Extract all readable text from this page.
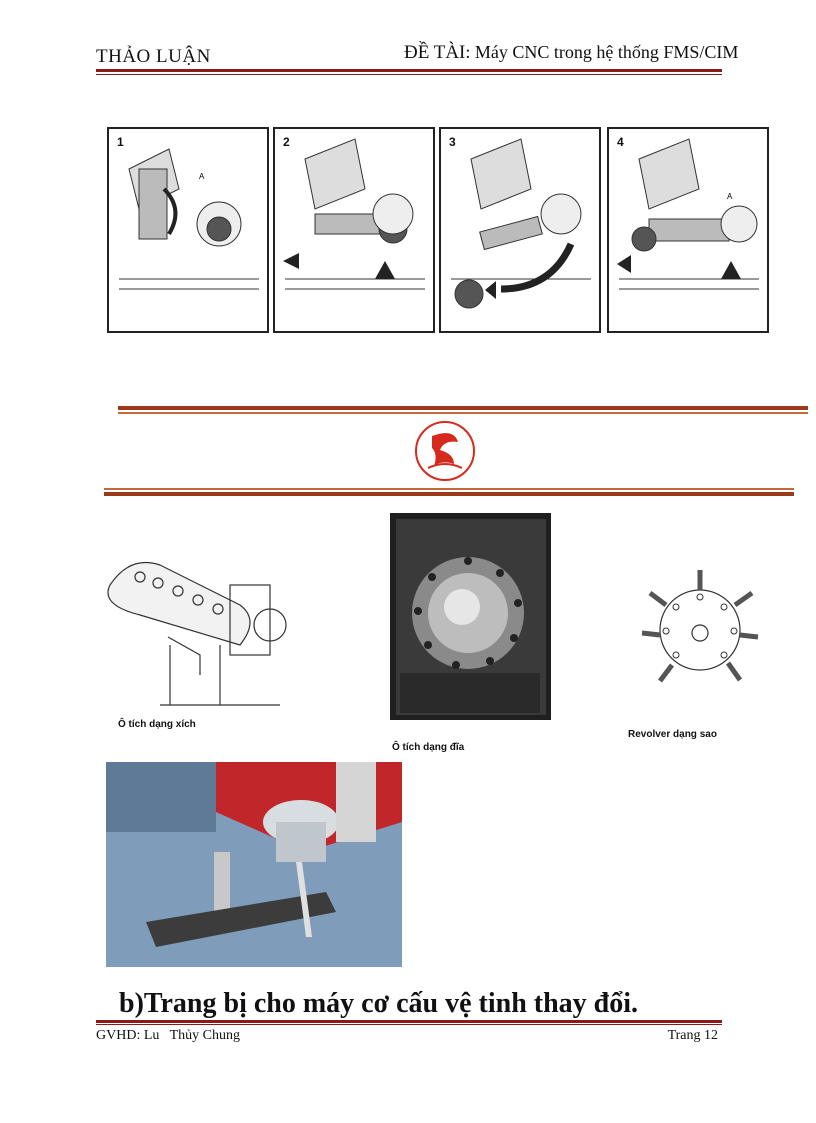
THẢO LUẬN	ĐỀ TÀI: Máy CNC trong hệ thống FMS/CIM
1
A
2	3	4
A
Ô tích dạng xích
Ô tích dạng đĩa
Revolver dạng sao
b)Trang bị cho máy cơ cấu vệ tinh thay đổi.
GVHD: Lu   Thủy Chung	Trang 12
